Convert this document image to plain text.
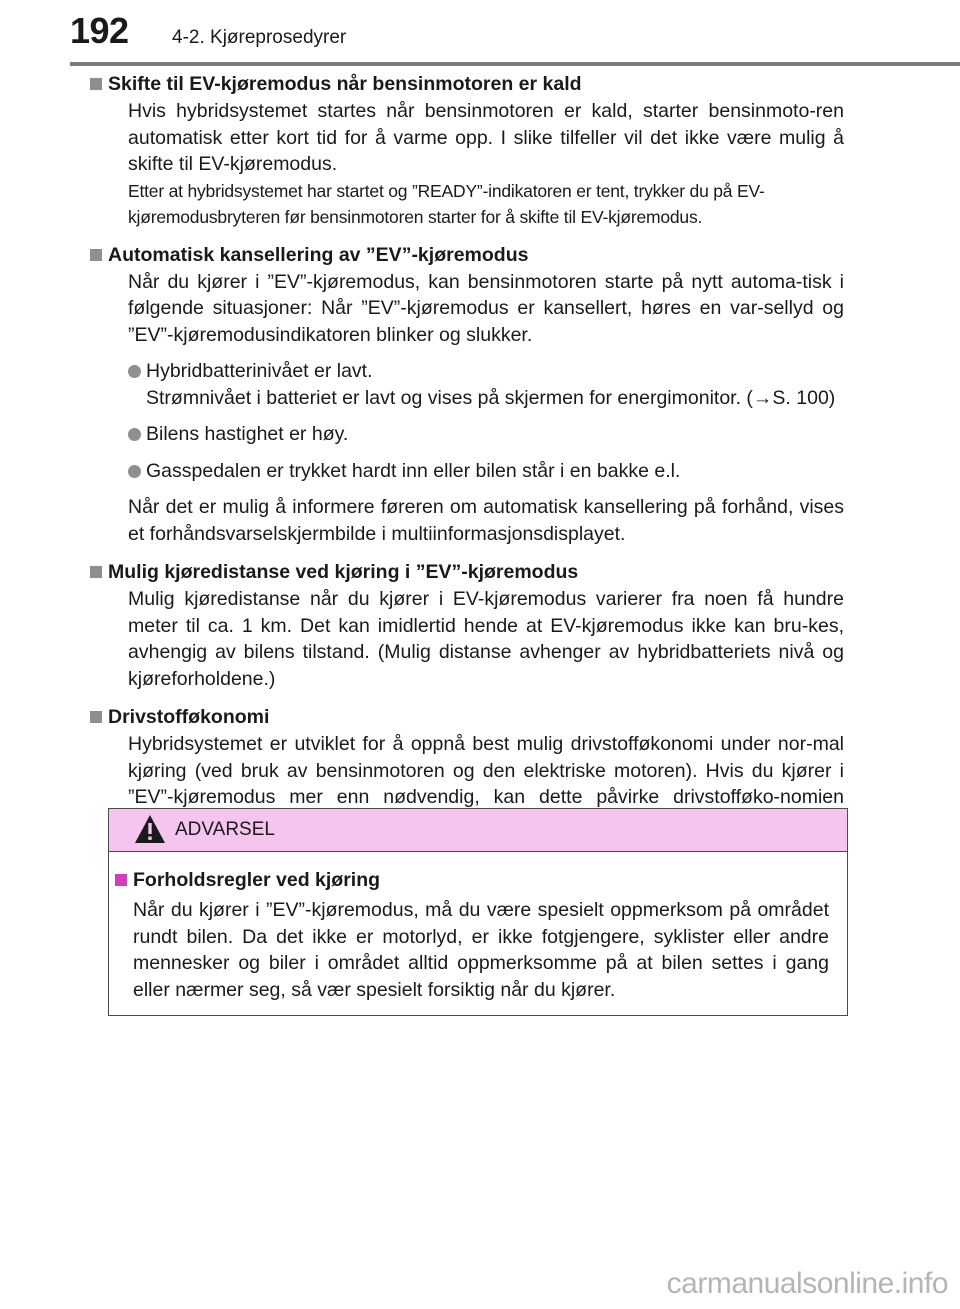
192 4-2. Kjøreprosedyrer
Skifte til EV-kjøremodus når bensinmotoren er kald
Hvis hybridsystemet startes når bensinmotoren er kald, starter bensinmoto-ren automatisk etter kort tid for å varme opp. I slike tilfeller vil det ikke være mulig å skifte til EV-kjøremodus.
Etter at hybridsystemet har startet og ”READY”-indikatoren er tent, trykker du på EV-kjøremodusbryteren før bensinmotoren starter for å skifte til EV-kjøremodus.
Automatisk kansellering av ”EV”-kjøremodus
Når du kjører i ”EV”-kjøremodus, kan bensinmotoren starte på nytt automa-tisk i følgende situasjoner: Når ”EV”-kjøremodus er kansellert, høres en var-sellyd og ”EV”-kjøremodusindikatoren blinker og slukker.
Hybridbatterinivået er lavt.
Strømnivået i batteriet er lavt og vises på skjermen for energimonitor. (→S. 100)
Bilens hastighet er høy.
Gasspedalen er trykket hardt inn eller bilen står i en bakke e.l.
Når det er mulig å informere føreren om automatisk kansellering på forhånd, vises et forhåndsvarselskjermbilde i multiinformasjonsdisplayet.
Mulig kjøredistanse ved kjøring i ”EV”-kjøremodus
Mulig kjøredistanse når du kjører i EV-kjøremodus varierer fra noen få hundre meter til ca. 1 km. Det kan imidlertid hende at EV-kjøremodus ikke kan bru-kes, avhengig av bilens tilstand. (Mulig distanse avhenger av hybridbatteriets nivå og kjøreforholdene.)
Drivstofføkonomi
Hybridsystemet er utviklet for å oppnå best mulig drivstofføkonomi under nor-mal kjøring (ved bruk av bensinmotoren og den elektriske motoren). Hvis du kjører i ”EV”-kjøremodus mer enn nødvendig, kan dette påvirke drivstofføko-nomien
ADVARSEL
Forholdsregler ved kjøring
Når du kjører i ”EV”-kjøremodus, må du være spesielt oppmerksom på området rundt bilen. Da det ikke er motorlyd, er ikke fotgjengere, syklister eller andre mennesker og biler i området alltid oppmerksomme på at bilen settes i gang eller nærmer seg, så vær spesielt forsiktig når du kjører.
carmanualsonline.info
